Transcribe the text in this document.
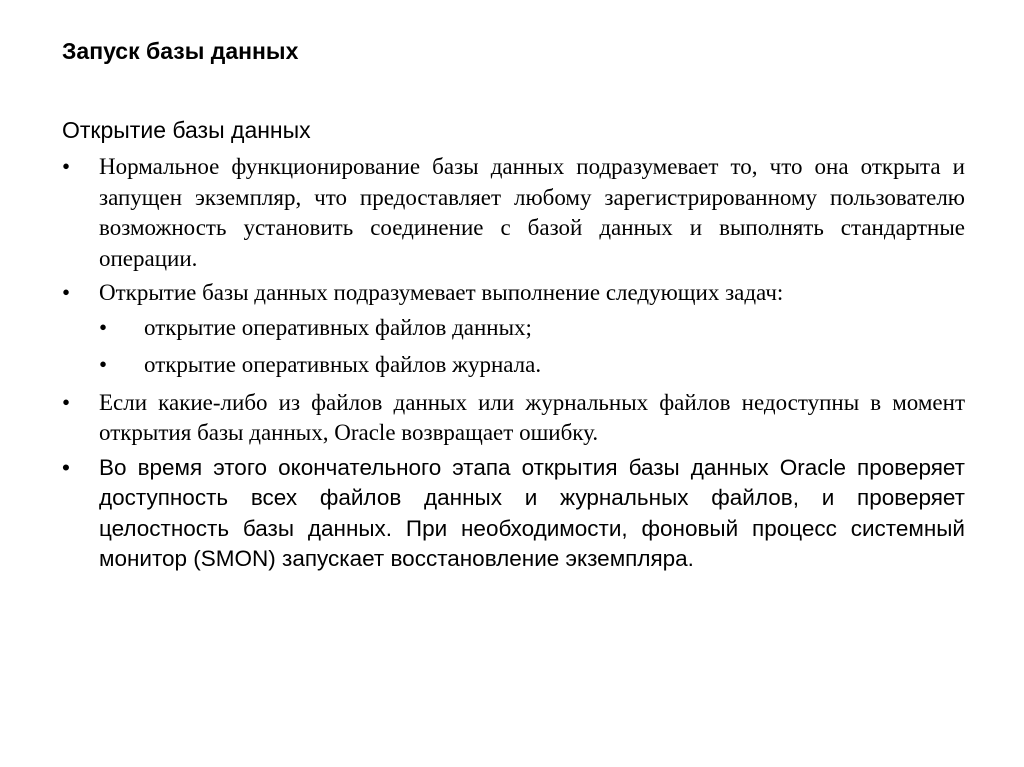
Запуск базы данных
Открытие базы данных
• Нормальное функционирование базы данных подразумевает то, что она открыта и запущен экземпляр, что предоставляет любому зарегистрированному пользователю возможность установить соединение с базой данных и выполнять стандартные операции.
• Открытие базы данных подразумевает выполнение следующих задач:
• открытие оперативных файлов данных;
• открытие оперативных файлов журнала.
• Если какие-либо из файлов данных или журнальных файлов недоступны в момент открытия базы данных, Oracle возвращает ошибку.
• Во время этого окончательного этапа открытия базы данных Oracle проверяет доступность всех файлов данных и журнальных файлов, и проверяет целостность базы данных. При необходимости, фоновый процесс системный монитор (SMON) запускает восстановление экземпляра.
